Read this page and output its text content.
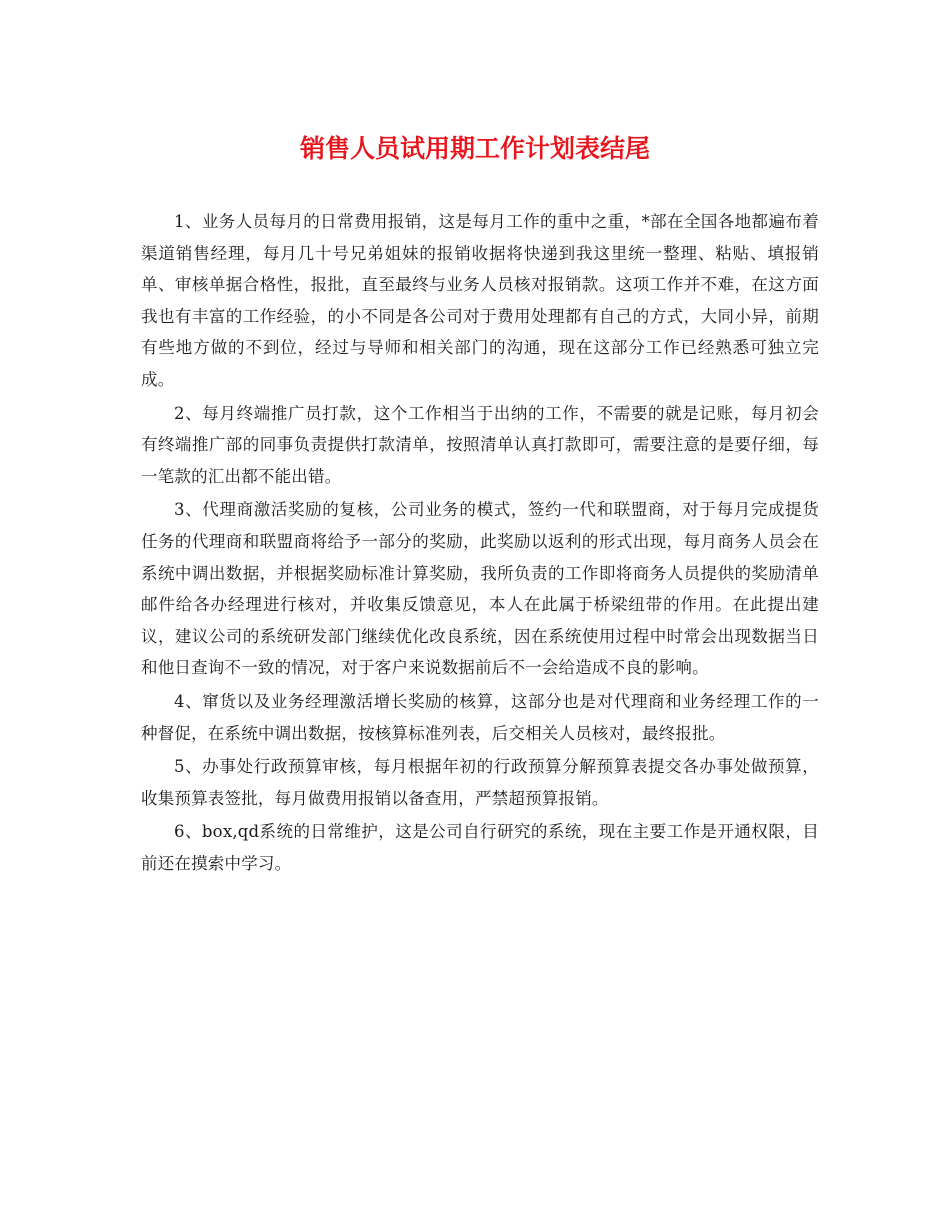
销售人员试用期工作计划表结尾

1、业务人员每月的日常费用报销，这是每月工作的重中之重，*部在全国各地都遍布着渠道销售经理，每月几十号兄弟姐妹的报销收据将快递到我这里统一整理、粘贴、填报销单、审核单据合格性，报批，直至最终与业务人员核对报销款。这项工作并不难，在这方面我也有丰富的工作经验，的小不同是各公司对于费用处理都有自己的方式，大同小异，前期有些地方做的不到位，经过与导师和相关部门的沟通，现在这部分工作已经熟悉可独立完成。

2、每月终端推广员打款，这个工作相当于出纳的工作，不需要的就是记账，每月初会有终端推广部的同事负责提供打款清单，按照清单认真打款即可，需要注意的是要仔细，每一笔款的汇出都不能出错。

3、代理商激活奖励的复核，公司业务的模式，签约一代和联盟商，对于每月完成提货任务的代理商和联盟商将给予一部分的奖励，此奖励以返利的形式出现，每月商务人员会在系统中调出数据，并根据奖励标准计算奖励，我所负责的工作即将商务人员提供的奖励清单邮件给各办经理进行核对，并收集反馈意见，本人在此属于桥梁纽带的作用。在此提出建议，建议公司的系统研发部门继续优化改良系统，因在系统使用过程中时常会出现数据当日和他日查询不一致的情况，对于客户来说数据前后不一会给造成不良的影响。

4、窜货以及业务经理激活增长奖励的核算，这部分也是对代理商和业务经理工作的一种督促，在系统中调出数据，按核算标准列表，后交相关人员核对，最终报批。

5、办事处行政预算审核，每月根据年初的行政预算分解预算表提交各办事处做预算，收集预算表签批，每月做费用报销以备查用，严禁超预算报销。

6、box,qd系统的日常维护，这是公司自行研究的系统，现在主要工作是开通权限，目前还在摸索中学习。
